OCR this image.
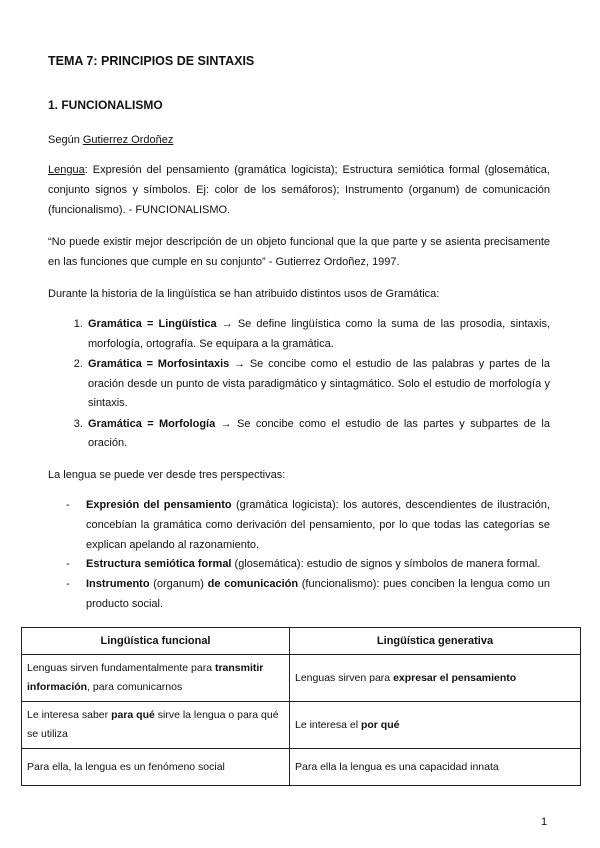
TEMA 7: PRINCIPIOS DE SINTAXIS
1. FUNCIONALISMO
Según Gutierrez Ordoñez
Lengua: Expresión del pensamiento (gramática logicista); Estructura semiótica formal (glosemática, conjunto signos y símbolos. Ej: color de los semáforos); Instrumento (organum) de comunicación (funcionalismo). - FUNCIONALISMO.
“No puede existir mejor descripción de un objeto funcional que la que parte y se asienta precisamente en las funciones que cumple en su conjunto” - Gutierrez Ordoñez, 1997.
Durante la historia de la lingüística se han atribuido distintos usos de Gramática:
1. Gramática = Lingüística → Se define lingüística como la suma de las prosodia, sintaxis, morfología, ortografía. Se equipara a la gramática.
2. Gramática = Morfosintaxis → Se concibe como el estudio de las palabras y partes de la oración desde un punto de vista paradigmático y sintagmático. Solo el estudio de morfología y sintaxis.
3. Gramática = Morfología → Se concibe como el estudio de las partes y subpartes de la oración.
La lengua se puede ver desde tres perspectivas:
- Expresión del pensamiento (gramática logicista): los autores, descendientes de ilustración, concebían la gramática como derivación del pensamiento, por lo que todas las categorías se explican apelando al razonamiento.
- Estructura semiótica formal (glosemática): estudio de signos y símbolos de manera formal.
- Instrumento (organum) de comunicación (funcionalismo): pues conciben la lengua como un producto social.
Lingüística funcional	Lingüística generativa
Lenguas sirven fundamentalmente para transmitir información, para comunicarnos	Lenguas sirven para expresar el pensamiento
Le interesa saber para qué sirve la lengua o para qué se utiliza	Le interesa el por qué
Para ella, la lengua es un fenómeno social	Para ella la lengua es una capacidad innata
1
